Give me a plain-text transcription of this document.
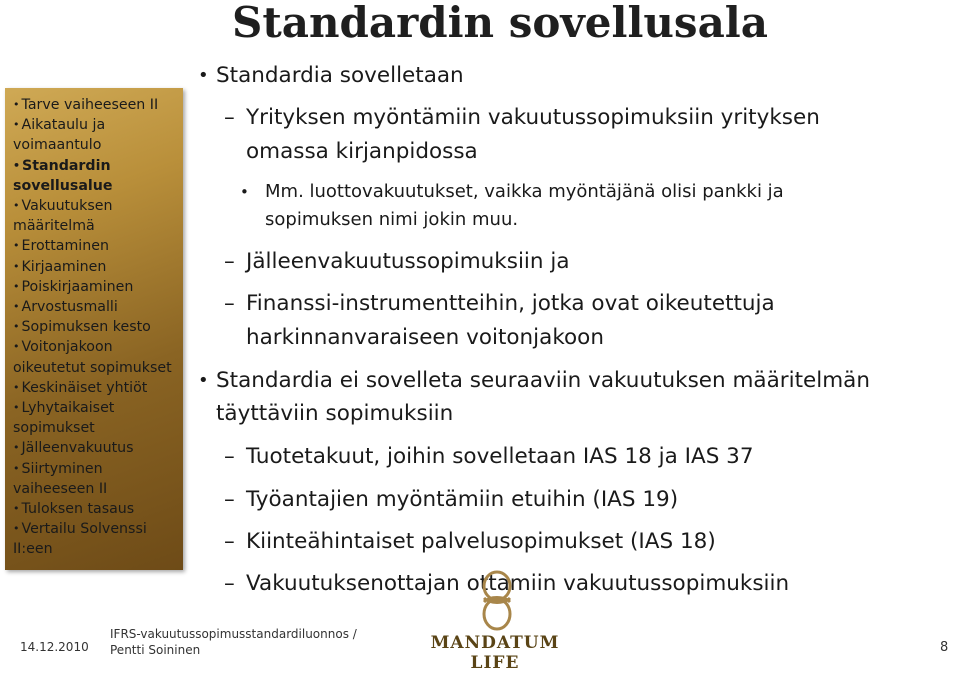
Standardin sovellusala
• Tarve vaiheeseen II
• Aikataulu ja voimaantulo
• Standardin sovellusalue
• Vakuutuksen määritelmä
• Erottaminen
• Kirjaaminen
• Poiskirjaaminen
• Arvostusmalli
• Sopimuksen kesto
• Voitonjakoon oikeutetut sopimukset
• Keskinäiset yhtiöt
• Lyhytaikaiset sopimukset
• Jälleenvakuutus
• Siirtyminen vaiheeseen II
• Tuloksen tasaus
• Vertailu Solvenssi II:een
• Standardia sovelletaan
– Yrityksen myöntämiin vakuutussopimuksiin yrityksen
omassa kirjanpidossa
• Mm. luottovakuutukset, vaikka myöntäjänä olisi pankki ja
sopimuksen nimi jokin muu.
– Jälleenvakuutussopimuksiin ja
– Finanssi-instrumentteihin, jotka ovat oikeutettuja
harkinnanvaraiseen voitonjakoon
• Standardia ei sovelleta seuraaviin vakuutuksen määritelmän
täyttäviin sopimuksiin
– Tuotetakuut, joihin sovelletaan IAS 18 ja IAS 37
– Työantajien myöntämiin etuihin (IAS 19)
– Kiinteähintaiset palvelusopimukset (IAS 18)
– Vakuutuksenottajan ottamiin vakuutussopimuksiin
MANDATUM LIFE
14.12.2010
IFRS-vakuutussopimusstandardiluonnos / Pentti Soininen	8
